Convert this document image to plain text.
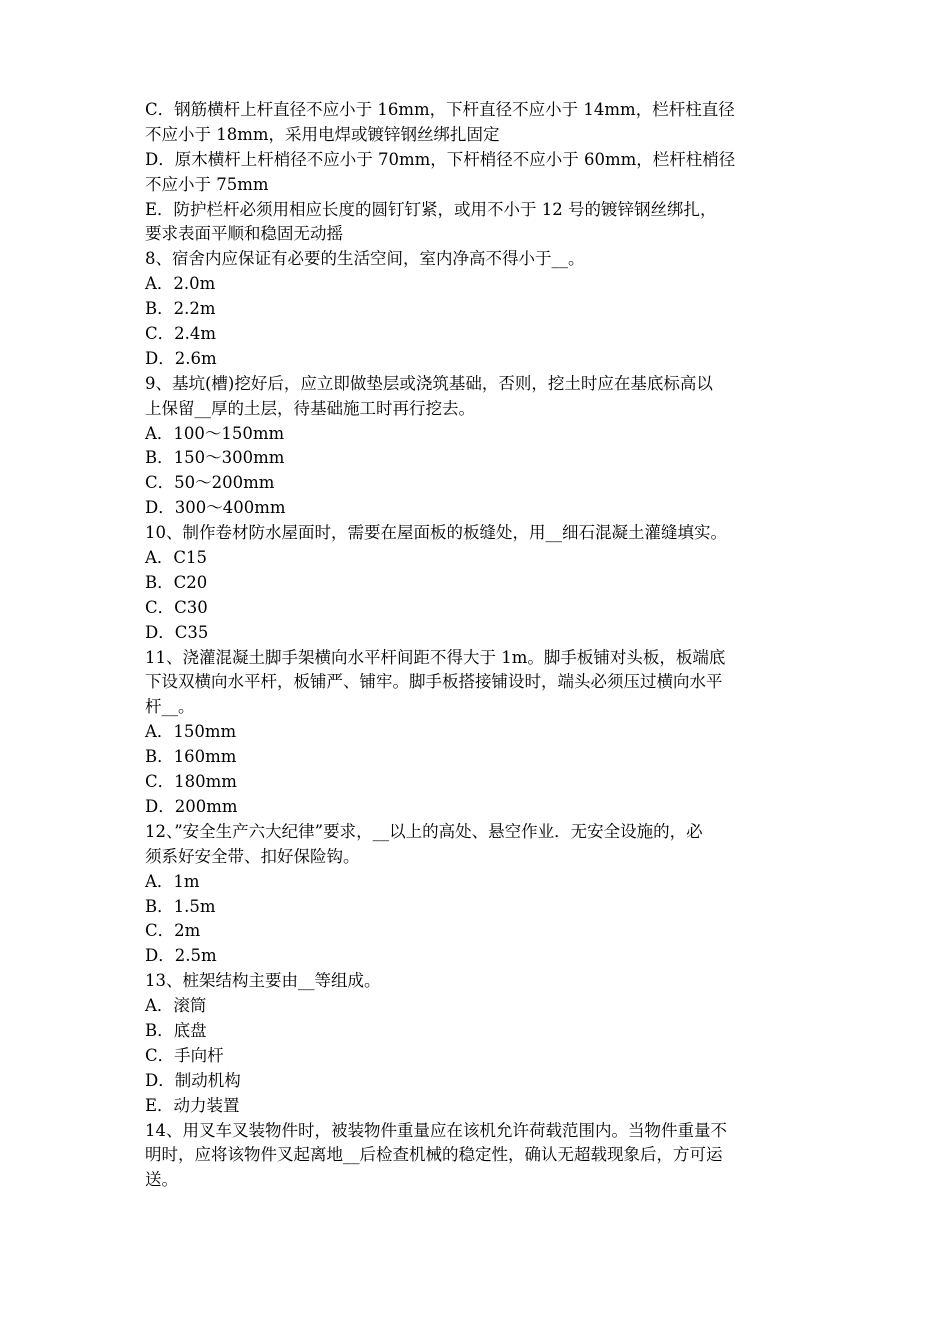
C．钢筋横杆上杆直径不应小于 16mm，下杆直径不应小于 14mm，栏杆柱直径
不应小于 18mm，采用电焊或镀锌钢丝绑扎固定
D．原木横杆上杆梢径不应小于 70mm，下杆梢径不应小于 60mm，栏杆柱梢径
不应小于 75mm
E．防护栏杆必须用相应长度的圆钉钉紧，或用不小于 12 号的镀锌钢丝绑扎，
要求表面平顺和稳固无动摇
8、宿舍内应保证有必要的生活空间，室内净高不得小于__。
A．2.0m
B．2.2m
C．2.4m
D．2.6m
9、基坑(槽)挖好后，应立即做垫层或浇筑基础，否则，挖土时应在基底标高以
上保留__厚的土层，待基础施工时再行挖去。
A．100～150mm
B．150～300mm
C．50～200mm
D．300～400mm
10、制作卷材防水屋面时，需要在屋面板的板缝处，用__细石混凝土灌缝填实。
A．C15
B．C20
C．C30
D．C35
11、浇灌混凝土脚手架横向水平杆间距不得大于 1m。脚手板铺对头板，板端底
下设双横向水平杆，板铺严、铺牢。脚手板搭接铺设时，端头必须压过横向水平
杆__。
A．150mm
B．160mm
C．180mm
D．200mm
12、”安全生产六大纪律”要求，__以上的高处、悬空作业．无安全设施的，必
须系好安全带、扣好保险钩。
A．1m
B．1.5m
C．2m
D．2.5m
13、桩架结构主要由__等组成。
A．滚筒
B．底盘
C．手向杆
D．制动机构
E．动力装置
14、用叉车叉装物件时，被装物件重量应在该机允许荷载范围内。当物件重量不
明时，应将该物件叉起离地__后检查机械的稳定性，确认无超载现象后，方可运
送。
